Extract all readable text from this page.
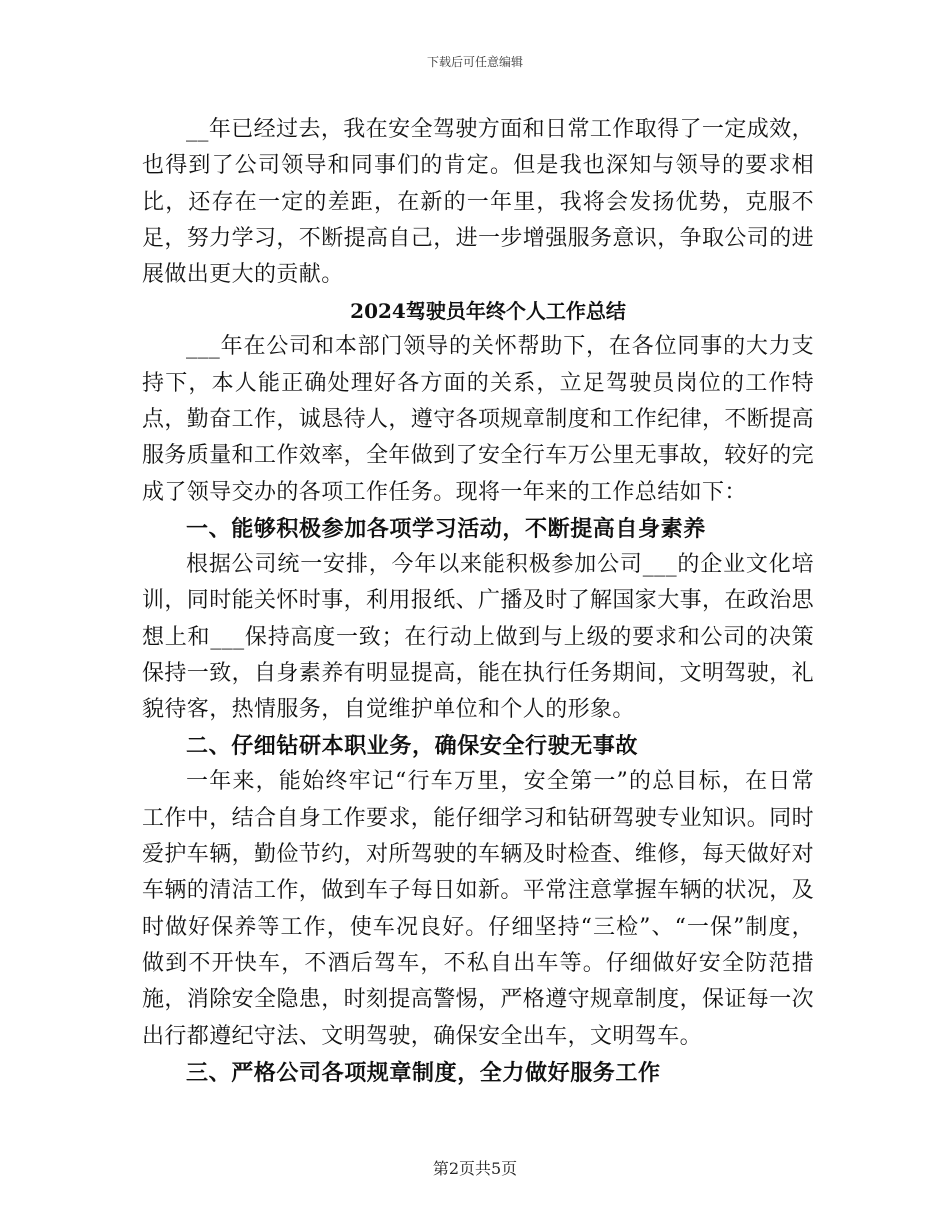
下载后可任意编辑

__年已经过去，我在安全驾驶方面和日常工作取得了一定成效，也得到了公司领导和同事们的肯定。但是我也深知与领导的要求相比，还存在一定的差距，在新的一年里，我将会发扬优势，克服不足，努力学习，不断提高自己，进一步增强服务意识，争取公司的进展做出更大的贡献。

2024驾驶员年终个人工作总结

___年在公司和本部门领导的关怀帮助下，在各位同事的大力支持下，本人能正确处理好各方面的关系，立足驾驶员岗位的工作特点，勤奋工作，诚恳待人，遵守各项规章制度和工作纪律，不断提高服务质量和工作效率，全年做到了安全行车万公里无事故，较好的完成了领导交办的各项工作任务。现将一年来的工作总结如下：

一、能够积极参加各项学习活动，不断提高自身素养

根据公司统一安排，今年以来能积极参加公司___的企业文化培训，同时能关怀时事，利用报纸、广播及时了解国家大事，在政治思想上和___保持高度一致；在行动上做到与上级的要求和公司的决策保持一致，自身素养有明显提高，能在执行任务期间，文明驾驶，礼貌待客，热情服务，自觉维护单位和个人的形象。

二、仔细钻研本职业务，确保安全行驶无事故

一年来，能始终牢记“行车万里，安全第一”的总目标，在日常工作中，结合自身工作要求，能仔细学习和钻研驾驶专业知识。同时爱护车辆，勤俭节约，对所驾驶的车辆及时检查、维修，每天做好对车辆的清洁工作，做到车子每日如新。平常注意掌握车辆的状况，及时做好保养等工作，使车况良好。仔细坚持“三检”、“一保”制度，做到不开快车，不酒后驾车，不私自出车等。仔细做好安全防范措施，消除安全隐患，时刻提高警惕，严格遵守规章制度，保证每一次出行都遵纪守法、文明驾驶，确保安全出车，文明驾车。

三、严格公司各项规章制度，全力做好服务工作

第2页共5页
